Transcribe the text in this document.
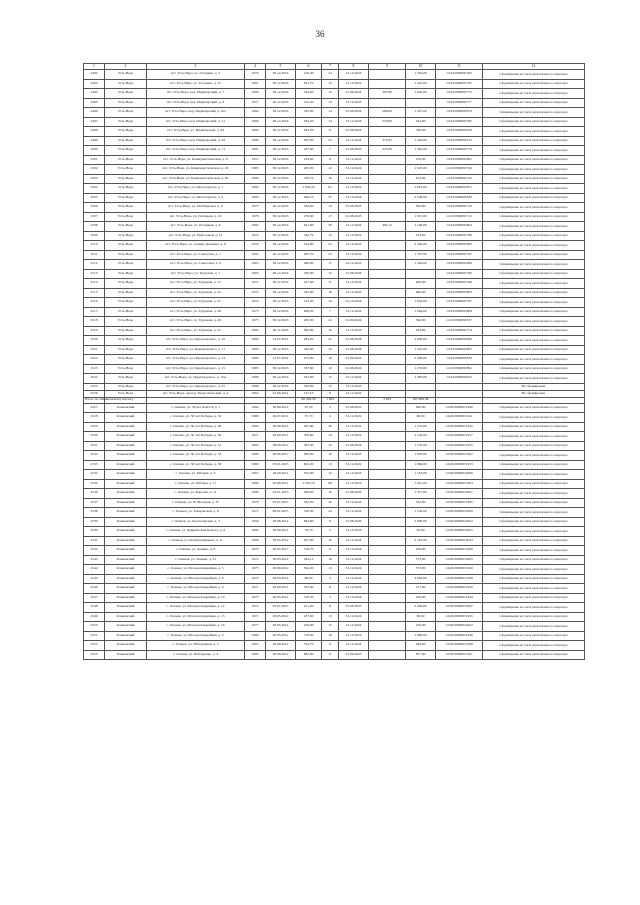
36
1	2	3	4	5	6	7	8	9	10	11	12
2492	Усть-Нера	пгт. Усть-Нера, ул. Гагарина, д. 3	1979	30.12.2016	216,40	24	31.12.2023		1 334,00	14:23:000000:762	Сформирован на счете регионального оператора
2493	Усть-Нера	пгт. Усть-Нера, ул. Гагарина, д. 15	1987	30.12.2016	631,70	12	31.12.2022		1 245,00	14:23:000000:795	Сформирован на счете регионального оператора
2494	Усть-Нера	пгт. Усть-Нера, пер. Индигирский, д. 7	1969	30.12.2016	324,60	12	01.08.2024	397,60	1 049,00	14:23:000000:775	Сформирован на счете регионального оператора
2495	Усть-Нера	пгт. Усть-Нера, пер. Индигирский, д. 9	1971	30.12.2016	312,40	14	31.12.2023			14:23:000000:777	Сформирован на счете регионального оператора
2496	Усть-Нера	пгт. Усть-Нера, пер. Индигирский, д. 10а	1984	30.12.2016	335,00	14	01.08.2024	280,00	1 247,00	14:23:000000:879	Сформирован на счете регионального оператора
2497	Усть-Нера	пгт. Усть-Нера, пер. Индигирский, д. 21	1969	30.12.2016	334,20	14	31.12.2023	270,00	423,00	14:23:000000:785	Сформирован на счете регионального оператора
2498	Усть-Нера	пгт. Усть-Нера, ул. Индигирская, д. 44	1983	30.12.2016	624,50	8	01.08.2024		796,00	14:23:000000:819	Сформирован на счете регионального оператора
2499	Усть-Нера	пгт. Усть-Нера, пер. Индигирский, д. 62	1989	30.12.2016	305,00	25	31.12.2024	375,85	1 418,00	14:23:000000:913	Сформирован на счете регионального оператора
2500	Усть-Нера	пгт. Усть-Нера, пер. Индигирский, д. 71	1981	30.12.2016	187,60	7	01.08.2023	225,00	1 362,00	14:23:000000:776	Сформирован на счете регионального оператора
2501	Усть-Нера	пгт. Усть-Нера, ул. Коммунистическая, д. 8	1957	30.12.2016	234,60	8	31.12.2023		270,00	14:23:000000:681	Сформирован на счете регионального оператора
2502	Усть-Нера	пгт. Усть-Нера, ул. Коммунистическая, д. 20	1985	30.12.2016	265,30	12	31.12.2024		1 525,00	14:23:000000:749	Сформирован на счете регионального оператора
2503	Усть-Нера	пгт. Усть-Нера, ул. Коммунистическая, д. 60	1990	30.12.2016	310,10	18	31.12.2024		674,00	14:23:000000:720	Сформирован на счете регионального оператора
2504	Усть-Нера	пгт. Усть-Нера, ул. Металлургов, д. 1	1985	30.12.2016	1 002,20	65	31.12.2022		1 623,00	14:23:000000:851	Сформирован на счете регионального оператора
2505	Усть-Нера	пгт. Усть-Нера, ул. Металлургов, д. 4	1983	30.12.2016	948,10	37	31.12.2024		2 108,00	14:23:000000:839	Сформирован на счете регионального оператора
2506	Усть-Нера	пгт. Усть-Нера, ул. Октябрьская, д. 8	1975	30.12.2016	334,40	14	01.08.2023		394,00	14:23:000000:710	Сформирован на счете регионального оператора
2507	Усть-Нера	пгт. Усть-Нера, ул. Полярная, д. 16	1978	30.12.2016	270,60	17	01.08.2023		1 815,00	14:23:000000:712	Сформирован на счете регионального оператора
2508	Усть-Нера	пгт. Усть-Нера, ул. Полярная, д. 6	1982	30.12.2016	641,60	30	31.12.2022	495,12	2 169,00	14:23:000000:804	Сформирован на счете регионального оператора
2509	Усть-Нера	пгт. Усть-Нера, ул. Рыболовов, д. 13	1972	30.12.2016	342,79	12	31.12.2022		414,00	14:23:000000:766	Сформирован на счете регионального оператора
2510	Усть-Нера	пгт. Усть-Нера, ул. Семена Дежнева, д. 8	1976	30.12.2016	314,80	22	31.12.2023		2 340,00	14:23:000000:800	Сформирован на счете регионального оператора
2511	Усть-Нера	пгт. Усть-Нера, ул. Советская, д. 1	1952	30.12.2016	265,70	23	31.12.2022		1 357,00	14:23:000000:797	Сформирован на счете регионального оператора
2512	Усть-Нера	пгт. Усть-Нера, ул. Советская, д. 9	1963	30.12.2016	406,00	17	01.12.2023		1 304,00	14:23:000000:699	Сформирован на счете регионального оператора
2513	Усть-Нера	пгт. Усть-Нера, ул. Трудовая, д. 7	1963	30.12.2016	330,00	12	01.08.2028			14:23:000000:760	Сформирован на счете регионального оператора
2514	Усть-Нера	пгт. Усть-Нера, ул. Трудовая, д. 17	1971	30.12.2016	247,60	8	31.12.2022		699,00	14:23:000000:766	Сформирован на счете регионального оператора
2515	Усть-Нера	пгт. Усть-Нера, ул. Трудовая, д. 22	1974	30.12.2016	345,00	18	31.12.2022		680,00	14:23:000000:803	Сформирован на счете регионального оператора
2516	Усть-Нера	пгт. Усть-Нера, ул. Трудовая, д. 27	1974	30.12.2016	413,40	14	01.12.2024		1 954,00	14:23:000000:767	Сформирован на счете регионального оператора
2517	Усть-Нера	пгт. Усть-Нера, ул. Трудовая, д. 28	1975	30.12.2016	608,20	7	31.12.2022		1 064,00	14:23:000000:808	Сформирован на счете регионального оператора
2518	Усть-Нера	пгт. Усть-Нера, ул. Трудовая, д. 29	1975	30.12.2016	263,30	22	01.09.2024		394,00	14:23:000000:817	Сформирован на счете регионального оператора
2519	Усть-Нера	пгт. Усть-Нера, ул. Трудовая, д. 31	1982	30.11.2016	392,90	19	31.12.2023		624,00	14:23:000000:774	Сформирован на счете регионального оператора
2520	Усть-Нера	пгт. Усть-Нера, ул. Цареградского, д. 10	1983	14.07.2014	483,20	21	01.08.2028		2 900,00	14:23:000000:906	Сформирован на счете регионального оператора
2521	Усть-Нера	пгт. Усть-Нера, ул. Цареградского, д. 11	1983	30.12.2016	342,00	12	01.08.2028		1 225,00	14:23:000000:805	Сформирован на счете регионального оператора
2522	Усть-Нера	пгт. Усть-Нера, ул. Цареградского, д. 14	1984	12.07.2014	472,00	19	01.09.2024		2 396,00	14:23:000000:878	Сформирован на счете регионального оператора
2523	Усть-Нера	пгт. Усть-Нера, ул. Цареградского, д. 15	1985	30.12.2016	337,60	10	01.08.2024		1 253,00	14:23:000000:891	Сформирован на счете регионального оператора
2524	Усть-Нера	пгт. Усть-Нера, ул. Цареградского, д. 15А	1990	30.12.2016	453,00	17	01.12.2022		2 383,00	14:23:000000:922	Сформирован на счете регионального оператора
2525	Усть-Нера	пгт. Усть-Нера, ул. Цареградского, д. 25	1986	30.12.2016	342,00	12	31.12.2023				Не сформирован
2526	Усть-Нера	пгт. Усть-Нера, проезд Энергетический, д. 2	1964	01.09.2014	157,10	8	31.12.2022				Не сформирован
Итого по Оймяконскому наслегу					96 450,30	1 093		3 023	165 909,38		
2527	Оленекский	с. Оленек, ул. 30 лет ЯАССР, д. 1	1994	30.09.2012	47,20	3	01.08.2025		690,00	14:20:000000:1940	Сформирован на счете регионального оператора
2528	Оленекский	с. Оленек, ул. 30 лет Победы, д. 32	1989	26.07.2021	37,70	4	31.12.2022		96,00	14:20:000000:1941	Сформирован на счете регионального оператора
2529	Оленекский	с. Оленек, ул. 30 лет Победы, д. 40	1985	26.06.2012	487,80	36	31.12.2022		1 274,00	14:20:000000:1942	Сформирован на счете регионального оператора
2530	Оленекский	с. Оленек, ул. 30 лет Победы, д. 50	1971	28.09.2012	359,60	14	31.12.2022		2 149,00	14:20:000000:1957	Сформирован на счете регионального оператора
2531	Оленекский	с. Оленек, ул. 30 лет Победы, д. 51	1962	28.09.2011	563,30	12	01.08.2024		1 570,00	14:20:000000:1955	Сформирован на счете регионального оператора
2532	Оленекский	с. Оленек, ул. 30 лет Победы, д. 53	1969	28.09.2017	300,00	10	31.12.2023		1 093,00	14:20:000000:1962	Сформирован на счете регионального оператора
2533	Оленекский	с. Оленек, ул. 30 лет Победы, д. 58	1980	03.01.2015	602,20	13	31.12.2022		1 060,00	14:20:000000:1953	Сформирован на счете регионального оператора
2534	Оленекский	с. Оленек, ул. Бабаева, д. 6	1967	26.09.2011	355,90	12	31.12.2023		1 553,00	14:20:000000:2090	Сформирован на счете регионального оператора
2535	Оленекский	с. Оленек, ул. Бабаева, д. 11	1980	26.06.2012	1 525,70	66	31.12.2023		7 041,00	14:20:000000:1963	Сформирован на счете регионального оператора
2536	Оленекский	с. Оленек, ул. Королев, д. 11	1989	05.01.2015	498,00	16	01.08.2029		1 477,00	14:20:000000:2007	Сформирован на счете регионального оператора
2537	Оленекский	с. Оленек, ул. В. Молодая, д. 37	1978	05.01.2015	342,50	26	31.12.2024		552,00	14:20:000000:1985	Сформирован на счете регионального оператора
2538	Оленекский	с. Оленек, ул. Захаровская, д. 8	1971	09.01.2015	318,30	24	31.12.2022		1 140,00	14:20:000000:2009	Сформирован на счете регионального оператора
2539	Оленекский	с. Оленек, ул. Красноярская, д. 3	1956	20.08.2012	604,60	8	01.08.2029		2 099,00	14:20:000000:2022	Сформирован на счете регионального оператора
2540	Оленекский	с. Оленек, ул. Кудрина-Маганского, д. 8	1985	28.09.2012	79,70	2	31.12.2023		95,00	14:20:000000:2025	Сформирован на счете регионального оператора
2541	Оленекский	с. Оленек, ул. Кульбертиновых, д. 11	1968	28.05.2012	307,90	16	31.12.2024		2 167,00	14:20:000000:2043	Сформирован на счете регионального оператора
2542	Оленекский	с. Оленек, ул. Ленина, д. 6	1979	28.05.2017	510,70	9	31.12.2024		109,00	14:20:000000:2289	Сформирован на счете регионального оператора
2543	Оленекский	с. Оленек, ул. Ленина, д. 31	1972	30.03.2012	364,13	16	31.12.2024		573,00	14:20:000000:2065	Сформирован на счете регионального оператора
2544	Оленекский	с. Оленек, ул. Молодогвардейцев, д. 5	1975	28.09.2012	594,20	13	31.12.2024		573,00	14:20:000000:1949	Сформирован на счете регионального оператора
2545	Оленекский	с. Оленек, ул. Молодогвардейцев, д. 6	1975	30.03.2012	86,00	3	31.12.2024		3 063,00	14:20:000000:1948	Сформирован на счете регионального оператора
2546	Оленекский	с. Оленек, ул. Молодогвардейцев, д. 9	1971	28.09.2012	323,40	8	31.12.2024		177,00	14:20:000000:1950	Сформирован на счете регионального оператора
2547	Оленекский	с. Оленек, ул. Молодогвардейцев, д. 10	1973	26.05.2012	316,50	5	31.12.2024		100,00	14:20:000000:1944	Сформирован на счете регионального оператора
2548	Оленекский	с. Оленек, ул. Молодогвардейцев, д. 12	1974	05.01.2015	101,20	8	01.08.2025		2 294,00	14:20:000000:2097	Сформирован на счете регионального оператора
2549	Оленекский	с. Оленек, ул. Молодогвардейцев, д. 13	1971	26.05.2012	437,60	13	31.12.2024		90,00	14:20:000000:1945	Сформирован на счете регионального оператора
2550	Оленекский	с. Оленек, ул. Молодогвардейцев, д. 16	1977	28.05.2012	456,00	15	31.12.2024		100,00	14:20:000000:2022	Сформирован на счете регионального оператора
2551	Оленекский	с. Оленек, ул. Молодогвардейцев, д. 2	1969	26.05.2012	716,60	16	31.12.2023		1 060,00	14:20:000000:1946	Сформирован на счете регионального оператора
2552	Оленекский	с. Оленек, ул. Набережная, д. 2	1963	28.09.2012	354,70	8	31.12.2024		484,00	14:20:000000:2308	Сформирован на счете регионального оператора
2553	Оленекский	с. Оленек, ул. Шабоденко, д. 4	1985	26.09.2012	682,90	9	01.09.2025		857,00	14:20:000000:2101	Сформирован на счете регионального оператора
